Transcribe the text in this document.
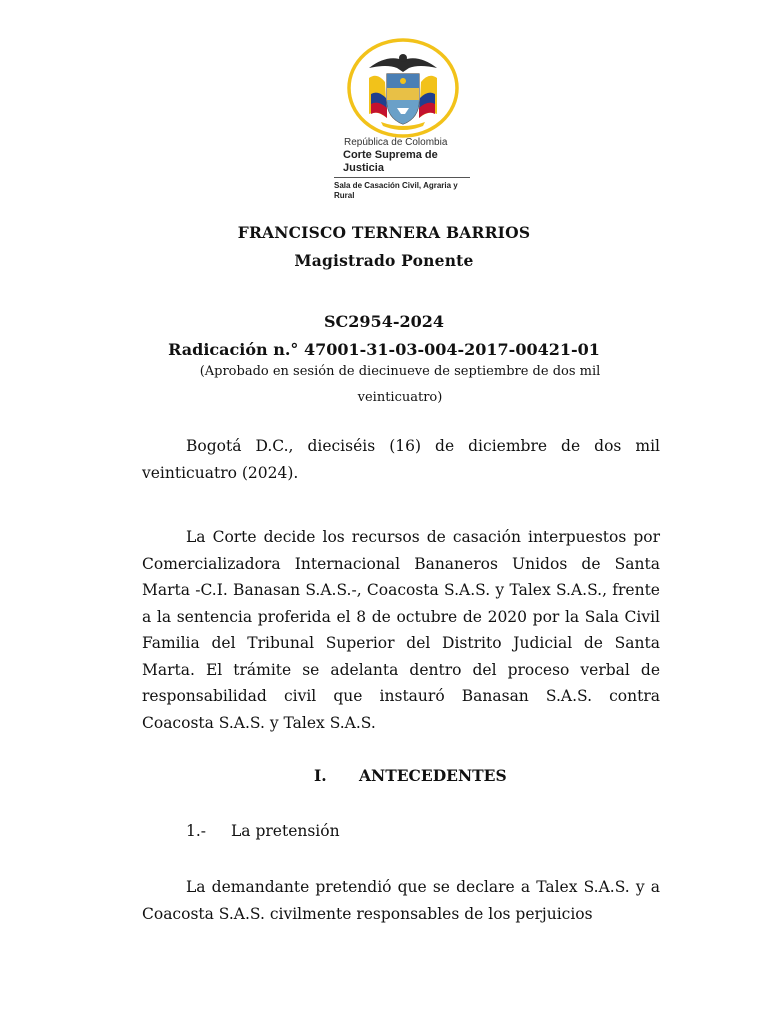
República de Colombia
Corte Suprema de Justicia
Sala de Casación Civil, Agraria y Rural
FRANCISCO TERNERA BARRIOS
Magistrado Ponente
SC2954-2024
Radicación n.° 47001-31-03-004-2017-00421-01
(Aprobado en sesión de diecinueve de septiembre de dos mil
veinticuatro)
Bogotá D.C., dieciséis (16) de diciembre de dos mil veinticuatro (2024).
La Corte decide los recursos de casación interpuestos por Comercializadora Internacional Bananeros Unidos de Santa Marta -C.I. Banasan S.A.S.-, Coacosta S.A.S. y Talex S.A.S., frente a la sentencia proferida el 8 de octubre de 2020 por la Sala Civil Familia del Tribunal Superior del Distrito Judicial de Santa Marta. El trámite se adelanta dentro del proceso verbal de responsabilidad civil que instauró Banasan S.A.S. contra Coacosta S.A.S. y Talex S.A.S.
I. ANTECEDENTES
1.- La pretensión
La demandante pretendió que se declare a Talex S.A.S. y a Coacosta S.A.S. civilmente responsables de los perjuicios
